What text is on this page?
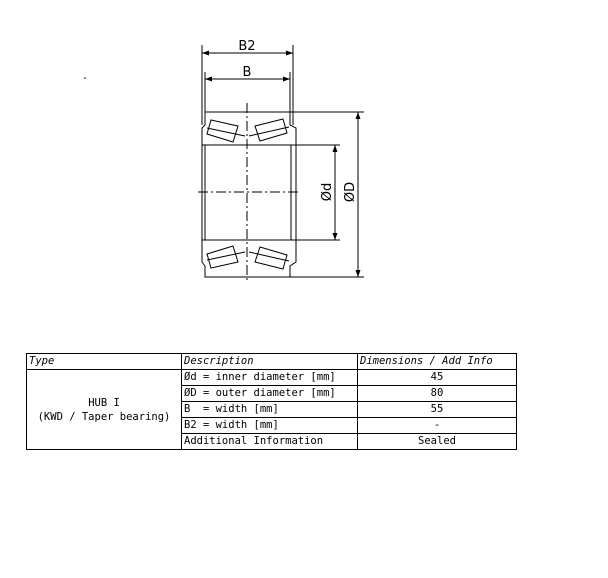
B2
B
Ød ØD
Type	Description	Dimensions / Add Info

HUB I
(KWD / Taper bearing)	Ød = inner diameter [mm]	45
	ØD = outer diameter [mm]	80
	B  = width [mm]	55
	B2 = width [mm]	-
	Additional Information	Sealed
